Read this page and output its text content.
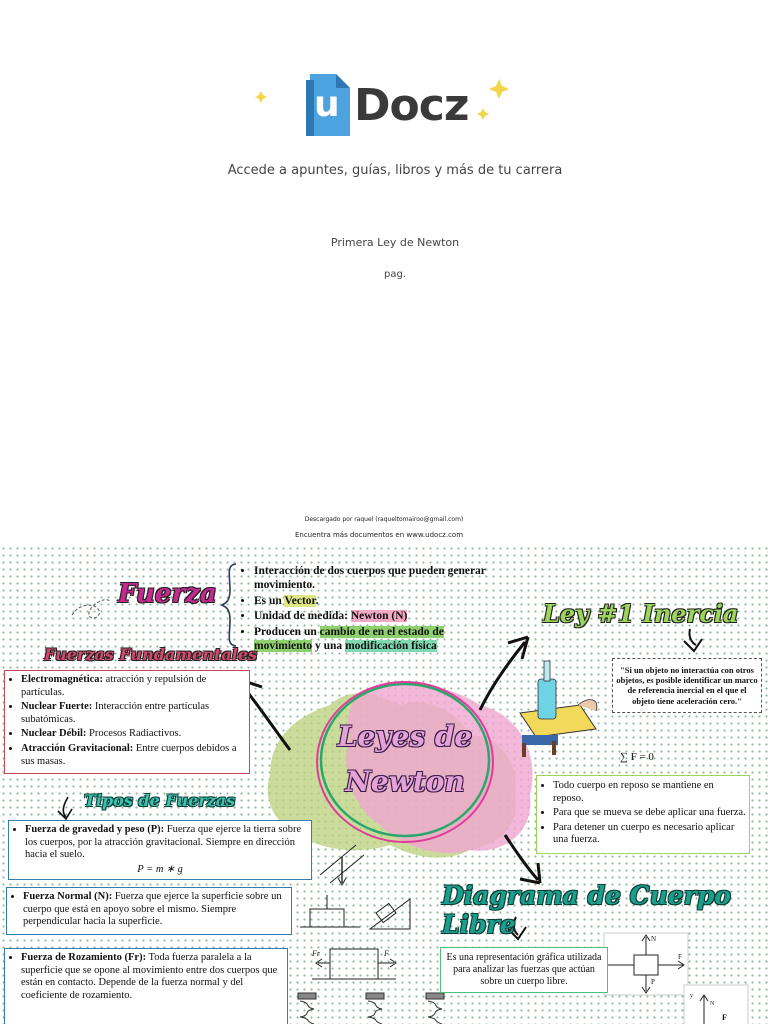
u Docz
Accede a apuntes, guías, libros y más de tu carrera
Primera Ley de Newton
pag.
Descargado por raquel (raqueltomairoo@gmail.com)
Encuentra más documentos en www.udocz.com
Leyes de
Newton
Fuerza
• Interacción de dos cuerpos que pueden generar movimiento.
• Es un Vector.
• Unidad de medida: Newton (N)
• Producen un cambio de en el estado de movimiento y una modificación física
Fuerzas Fundamentales
• Electromagnética: atracción y repulsión de partículas.
• Nuclear Fuerte: Interacción entre partículas subatómicas.
• Nuclear Débil: Procesos Radiactivos.
• Atracción Gravitacional: Entre cuerpos debidos a sus masas.
Tipos de Fuerzas
• Fuerza de gravedad y peso (P): Fuerza que ejerce la tierra sobre los cuerpos, por la atracción gravitacional. Siempre en dirección hacia el suelo.
P = m ∗ g
• Fuerza Normal (N): Fuerza que ejerce la superficie sobre un cuerpo que está en apoyo sobre el mismo. Siempre perpendicular hacia la superficie.
• Fuerza de Rozamiento (Fr): Toda fuerza paralela a la superficie que se opone al movimiento entre dos cuerpos que están en contacto. Depende de la fuerza normal y del coeficiente de rozamiento.
Ley #1 Inercia
"Si un objeto no interactúa con otros objetos, es posible identificar un marco de referencia inercial en el que el objeto tiene aceleración cero."
∑ F = 0
• Todo cuerpo en reposo se mantiene en reposo.
• Para que se mueva se debe aplicar una fuerza.
• Para detener un cuerpo es necesario aplicar una fuerza.
Diagrama de Cuerpo Libre
Es una representación gráfica utilizada para analizar las fuerzas que actúan sobre un cuerpo libre.
N
P
F
Fr	F
y
N
F
